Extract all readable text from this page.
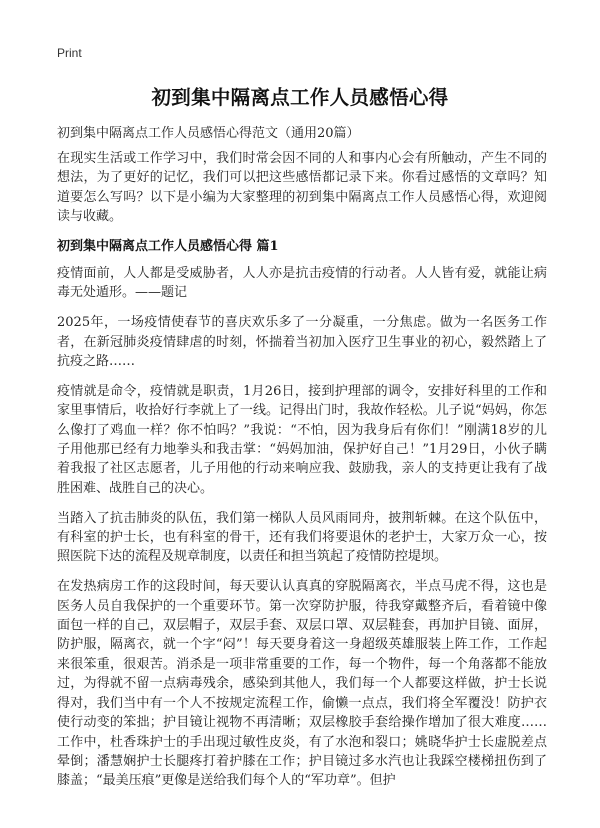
Print
初到集中隔离点工作人员感悟心得

初到集中隔离点工作人员感悟心得范文（通用20篇）

在现实生活或工作学习中，我们时常会因不同的人和事内心会有所触动，产生不同的想法，为了更好的记忆，我们可以把这些感悟都记录下来。你看过感悟的文章吗？知道要怎么写吗？以下是小编为大家整理的初到集中隔离点工作人员感悟心得，欢迎阅读与收藏。

初到集中隔离点工作人员感悟心得 篇1

疫情面前，人人都是受威胁者，人人亦是抗击疫情的行动者。人人皆有爱，就能让病毒无处遁形。——题记

2025年，一场疫情使春节的喜庆欢乐多了一分凝重，一分焦虑。做为一名医务工作者，在新冠肺炎疫情肆虐的时刻，怀揣着当初加入医疗卫生事业的初心，毅然踏上了抗疫之路……

疫情就是命令，疫情就是职责，1月26日，接到护理部的调令，安排好科里的工作和家里事情后，收拾好行李就上了一线。记得出门时，我故作轻松。儿子说“妈妈，你怎么像打了鸡血一样？你不怕吗？”我说：“不怕，因为我身后有你们！”刚满18岁的儿子用他那已经有力地拳头和我击掌：“妈妈加油，保护好自己！”1月29日，小伙子瞒着我报了社区志愿者，儿子用他的行动来响应我、鼓励我，亲人的支持更让我有了战胜困难、战胜自己的决心。

当踏入了抗击肺炎的队伍，我们第一梯队人员风雨同舟，披荆斩棘。在这个队伍中，有科室的护士长，也有科室的骨干，还有我们将要退休的老护士，大家万众一心，按照医院下达的流程及规章制度，以责任和担当筑起了疫情防控堤坝。

在发热病房工作的这段时间，每天要认认真真的穿脱隔离衣，半点马虎不得，这也是医务人员自我保护的一个重要环节。第一次穿防护服，待我穿戴整齐后，看着镜中像面包一样的自己，双层帽子，双层手套、双层口罩、双层鞋套，再加护目镜、面屏，防护服，隔离衣，就一个字“闷”！每天要身着这一身超级英雄服装上阵工作，工作起来很笨重，很艰苦。消杀是一项非常重要的工作，每一个物件，每一个角落都不能放过，为得就不留一点病毒残余，感染到其他人，我们每一个人都要这样做，护士长说得对，我们当中有一个人不按规定流程工作，偷懒一点点，我们将全军覆没！防护衣使行动变的笨拙；护目镜让视物不再清晰；双层橡胶手套给操作增加了很大难度……工作中，杜香珠护士的手出现过敏性皮炎，有了水泡和裂口；姚晓华护士长虚脱差点晕倒；潘慧娴护士长腿疼打着护膝在工作；护目镜过多水汽也让我踩空楼梯扭伤到了膝盖；“最美压痕”更像是送给我们每个人的“军功章”。但护
